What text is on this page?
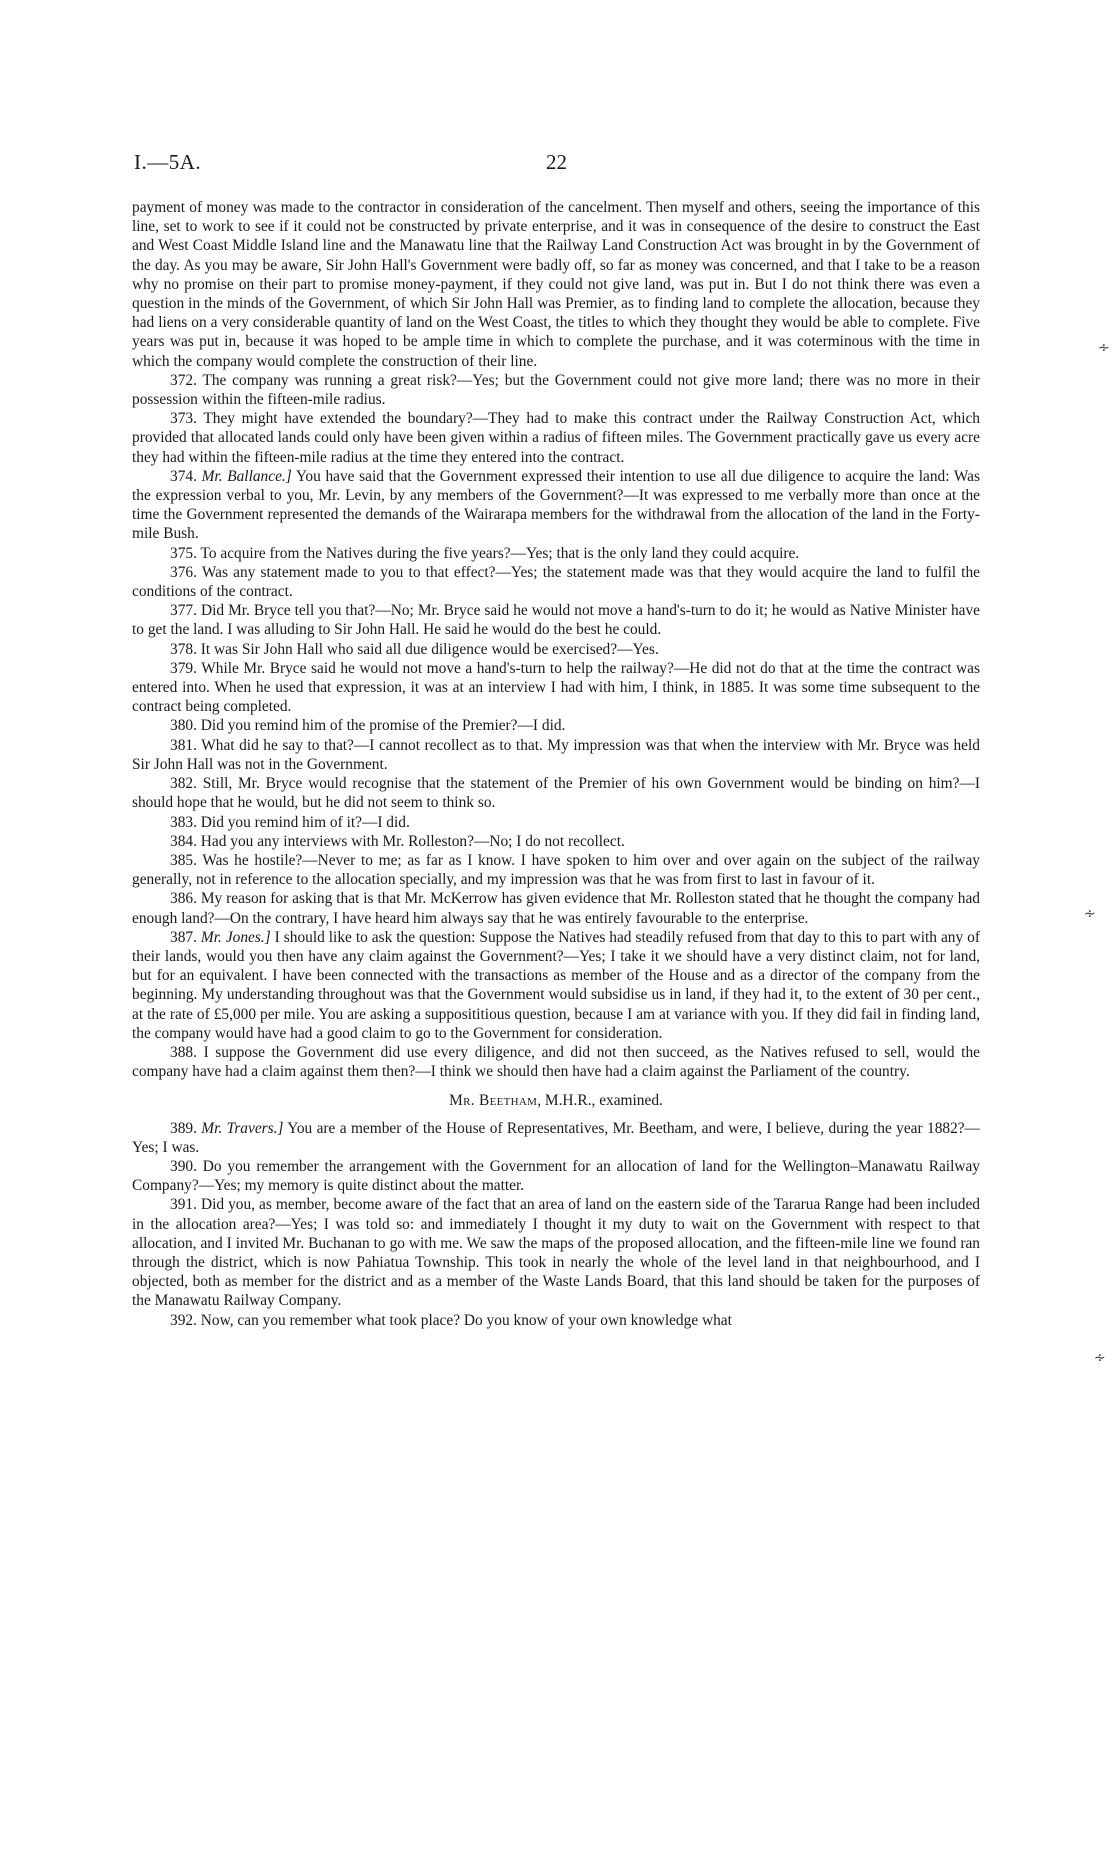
I.—5A.	22

payment of money was made to the contractor in consideration of the cancelment. Then myself and others, seeing the importance of this line, set to work to see if it could not be constructed by private enterprise, and it was in consequence of the desire to construct the East and West Coast Middle Island line and the Manawatu line that the Railway Land Construction Act was brought in by the Government of the day. As you may be aware, Sir John Hall's Government were badly off, so far as money was concerned, and that I take to be a reason why no promise on their part to promise money-payment, if they could not give land, was put in. But I do not think there was even a question in the minds of the Government, of which Sir John Hall was Premier, as to finding land to complete the allocation, because they had liens on a very considerable quantity of land on the West Coast, the titles to which they thought they would be able to complete. Five years was put in, because it was hoped to be ample time in which to complete the purchase, and it was coterminous with the time in which the company would complete the construction of their line.

372. The company was running a great risk?—Yes; but the Government could not give more land; there was no more in their possession within the fifteen-mile radius.

373. They might have extended the boundary?—They had to make this contract under the Railway Construction Act, which provided that allocated lands could only have been given within a radius of fifteen miles. The Government practically gave us every acre they had within the fifteen-mile radius at the time they entered into the contract.

374. Mr. Ballance.] You have said that the Government expressed their intention to use all due diligence to acquire the land: Was the expression verbal to you, Mr. Levin, by any members of the Government?—It was expressed to me verbally more than once at the time the Government represented the demands of the Wairarapa members for the withdrawal from the allocation of the land in the Forty-mile Bush.

375. To acquire from the Natives during the five years?—Yes; that is the only land they could acquire.

376. Was any statement made to you to that effect?—Yes; the statement made was that they would acquire the land to fulfil the conditions of the contract.

377. Did Mr. Bryce tell you that?—No; Mr. Bryce said he would not move a hand's-turn to do it; he would as Native Minister have to get the land. I was alluding to Sir John Hall. He said he would do the best he could.

378. It was Sir John Hall who said all due diligence would be exercised?—Yes.

379. While Mr. Bryce said he would not move a hand's-turn to help the railway?—He did not do that at the time the contract was entered into. When he used that expression, it was at an interview I had with him, I think, in 1885. It was some time subsequent to the contract being completed.

380. Did you remind him of the promise of the Premier?—I did.

381. What did he say to that?—I cannot recollect as to that. My impression was that when the interview with Mr. Bryce was held Sir John Hall was not in the Government.

382. Still, Mr. Bryce would recognise that the statement of the Premier of his own Government would be binding on him?—I should hope that he would, but he did not seem to think so.

383. Did you remind him of it?—I did.

384. Had you any interviews with Mr. Rolleston?—No; I do not recollect.

385. Was he hostile?—Never to me; as far as I know. I have spoken to him over and over again on the subject of the railway generally, not in reference to the allocation specially, and my impression was that he was from first to last in favour of it.

386. My reason for asking that is that Mr. McKerrow has given evidence that Mr. Rolleston stated that he thought the company had enough land?—On the contrary, I have heard him always say that he was entirely favourable to the enterprise.

387. Mr. Jones.] I should like to ask the question: Suppose the Natives had steadily refused from that day to this to part with any of their lands, would you then have any claim against the Government?—Yes; I take it we should have a very distinct claim, not for land, but for an equivalent. I have been connected with the transactions as member of the House and as a director of the company from the beginning. My understanding throughout was that the Government would subsidise us in land, if they had it, to the extent of 30 per cent., at the rate of £5,000 per mile. You are asking a supposititious question, because I am at variance with you. If they did fail in finding land, the company would have had a good claim to go to the Government for consideration.

388. I suppose the Government did use every diligence, and did not then succeed, as the Natives refused to sell, would the company have had a claim against them then?—I think we should then have had a claim against the Parliament of the country.

Mr. Beetham, M.H.R., examined.

389. Mr. Travers.] You are a member of the House of Representatives, Mr. Beetham, and were, I believe, during the year 1882?—Yes; I was.

390. Do you remember the arrangement with the Government for an allocation of land for the Wellington–Manawatu Railway Company?—Yes; my memory is quite distinct about the matter.

391. Did you, as member, become aware of the fact that an area of land on the eastern side of the Tararua Range had been included in the allocation area?—Yes; I was told so: and immediately I thought it my duty to wait on the Government with respect to that allocation, and I invited Mr. Buchanan to go with me. We saw the maps of the proposed allocation, and the fifteen-mile line we found ran through the district, which is now Pahiatua Township. This took in nearly the whole of the level land in that neighbourhood, and I objected, both as member for the district and as a member of the Waste Lands Board, that this land should be taken for the purposes of the Manawatu Railway Company.

392. Now, can you remember what took place? Do you know of your own knowledge what

∻
∻
∻
